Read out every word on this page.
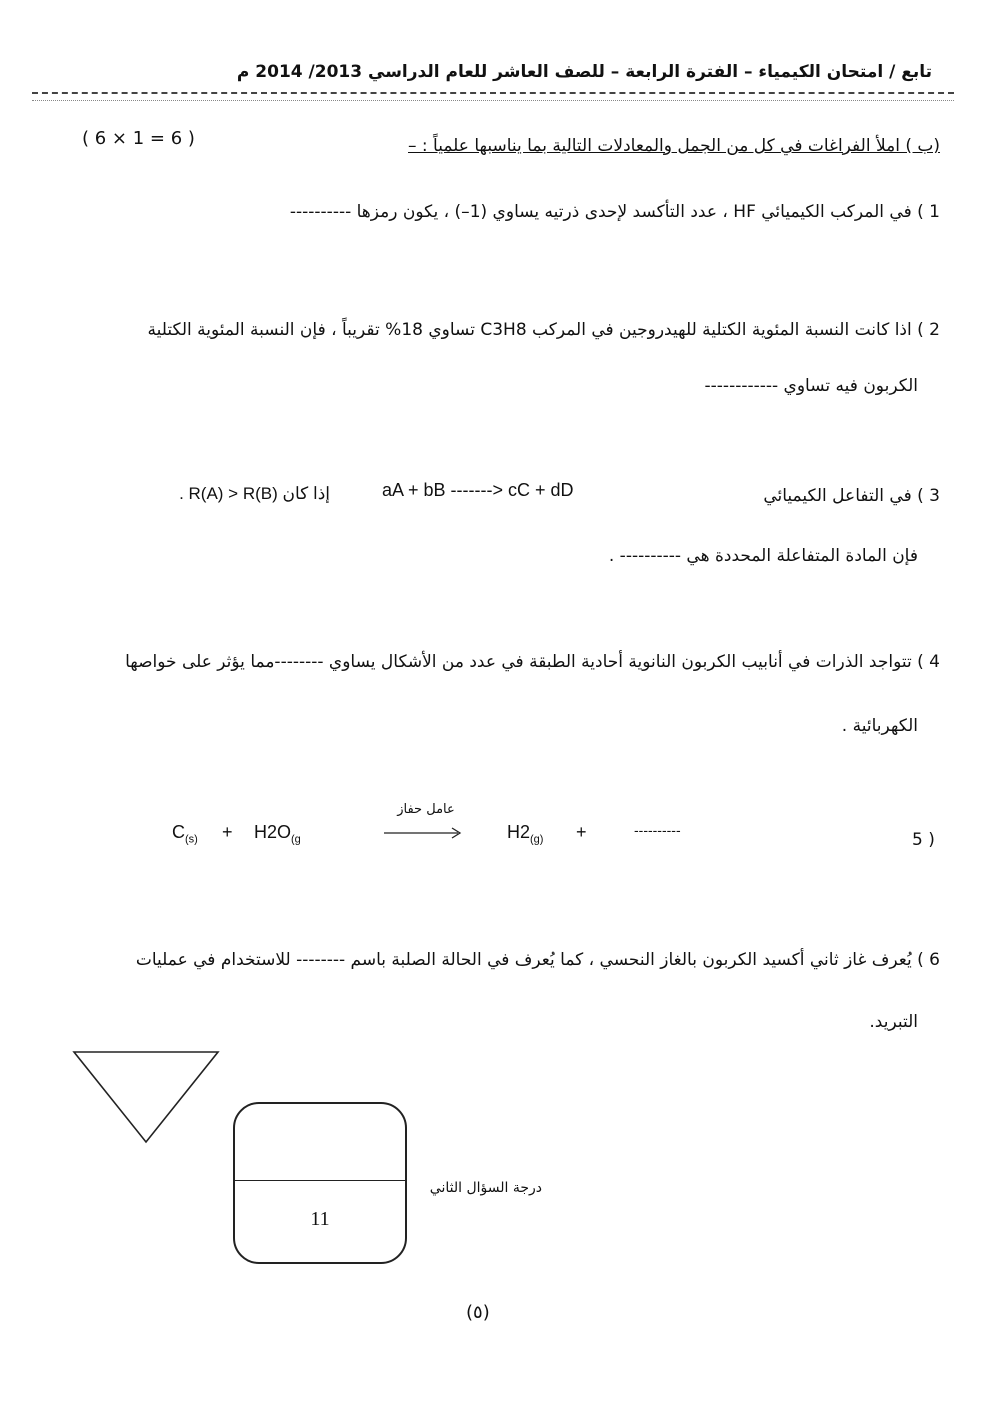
تابع / امتحان الكيمياء – الفترة الرابعة – للصف العاشر للعام الدراسي 2013/ 2014 م
(ب ) املأ الفراغات في كل من الجمل والمعادلات التالية بما يناسبها علمياً : –
( 6 × 1 = 6 )
1 ) في المركب الكيميائي HF ، عدد التأكسد لإحدى ذرتيه يساوي (1–) ، يكون رمزها ----------
2 ) اذا كانت النسبة المئوية الكتلية للهيدروجين في المركب C3H8 تساوي 18% تقريباً ، فإن النسبة المئوية الكتلية
الكربون فيه تساوي ------------
3 ) في التفاعل الكيميائي
aA + bB -------> cC + dD
إذا كان R(A) > R(B) .
فإن المادة المتفاعلة المحددة هي ---------- .
4 ) تتواجد الذرات في أنابيب الكربون النانوية أحادية الطبقة في عدد من الأشكال يساوي --------مما يؤثر على خواصها
الكهربائية .
5 )
$C_{(s)} + H2O_{(g}$
عامل حفاز
$H2_{(g)}$ +	----------
6 ) يُعرف غاز ثاني أكسيد الكربون بالغاز النحسي ، كما يُعرف في الحالة الصلبة باسم -------- للاستخدام في عمليات
التبريد.
11
درجة السؤال الثاني
(٥)
